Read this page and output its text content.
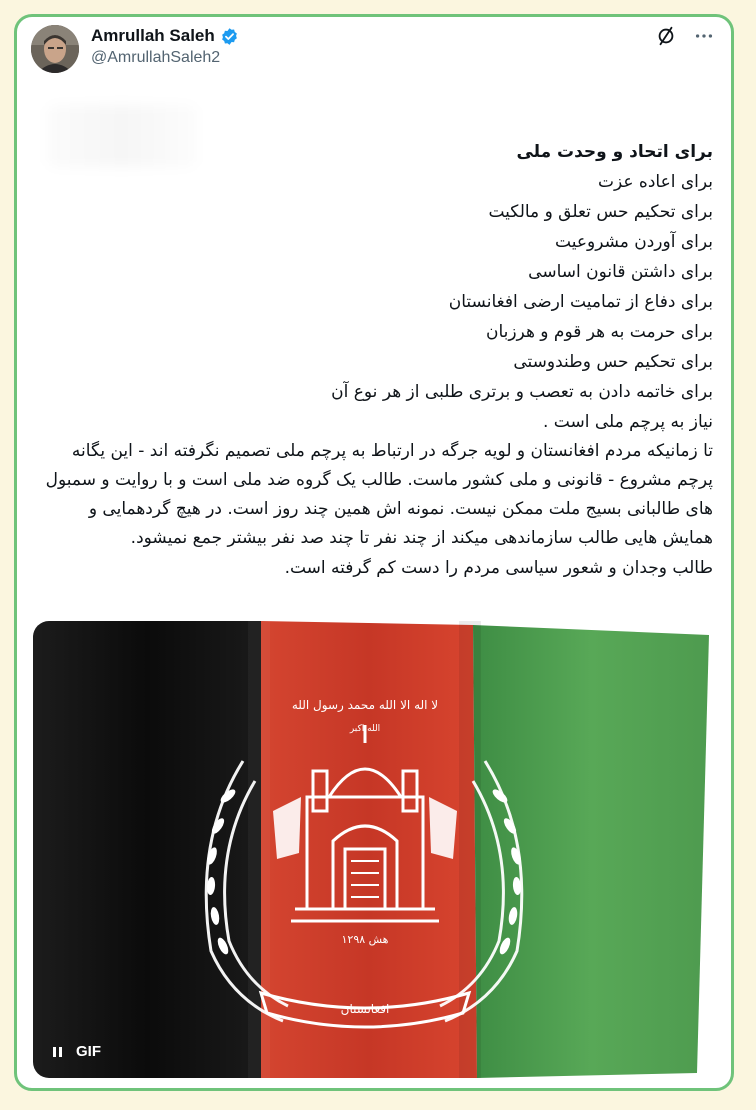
Amrullah Saleh
@AmrullahSaleh2
برای اتحاد و وحدت ملی
برای اعاده عزت
برای تحکیم حس تعلق و مالکیت
برای آوردن مشروعیت
برای داشتن قانون اساسی
برای دفاع از تمامیت ارضی افغانستان
برای حرمت به هر قوم و هرزبان
برای تحکیم حس وطندوستی
برای خاتمه دادن به تعصب و برتری طلبی از هر نوع آن
نیاز به پرچم ملی است .
تا زمانیکه مردم افغانستان و لویه جرگه در ارتباط به پرچم ملی تصمیم نگرفته اند - این یگانه پرچم مشروع - قانونی و ملی کشور ماست. طالب یک گروه ضد ملی است و با روایت و سمبول های طالبانی بسیج ملت ممکن نیست. نمونه اش همین چند روز است. در هیچ گردهمایی و همایش هایی طالب سازماندهی میکند از چند نفر تا چند صد نفر بیشتر جمع نمیشود.
طالب وجدان و شعور سیاسی مردم را دست کم گرفته است.
لا اله الا الله محمد رسول الله
الله اکبر
۱۲۹۸ هش
افغانستان
GIF
